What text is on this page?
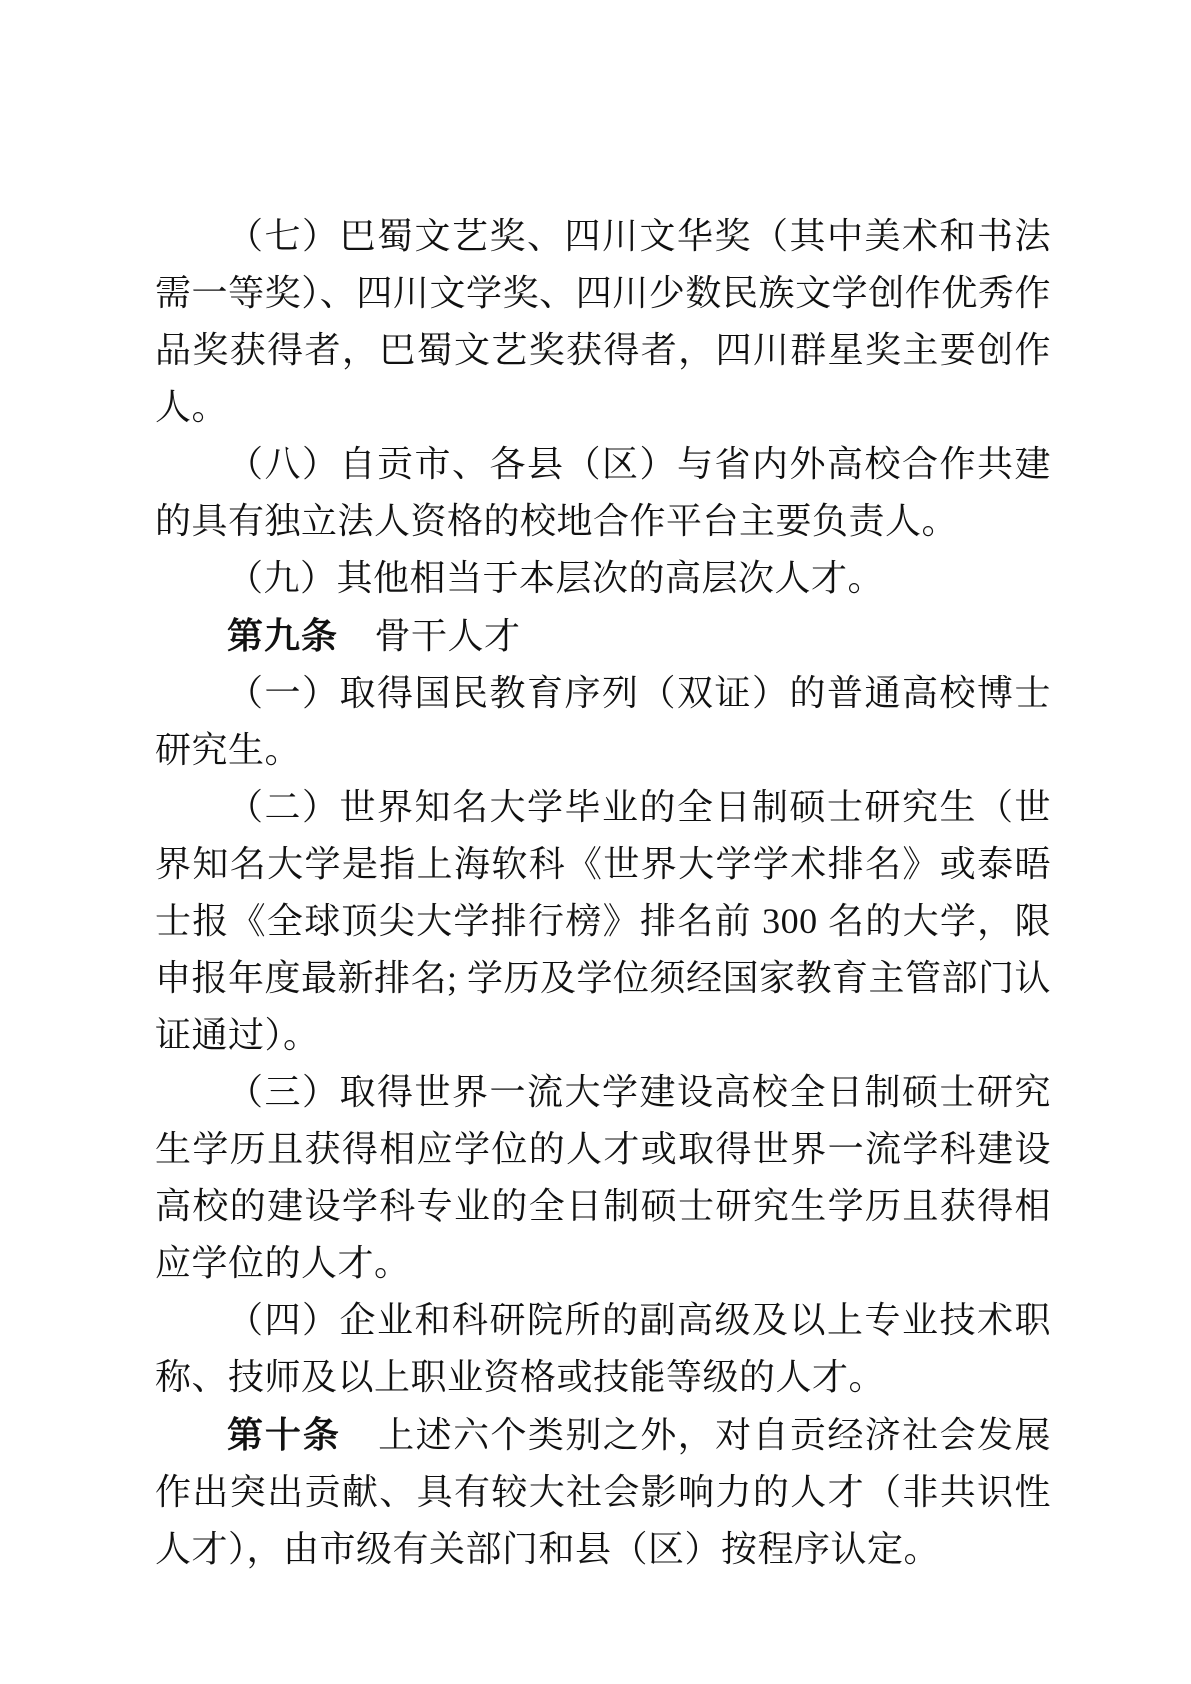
（七）巴蜀文艺奖、四川文华奖（其中美术和书法需一等奖）、四川文学奖、四川少数民族文学创作优秀作品奖获得者，巴蜀文艺奖获得者，四川群星奖主要创作人。

（八）自贡市、各县（区）与省内外高校合作共建的具有独立法人资格的校地合作平台主要负责人。

（九）其他相当于本层次的高层次人才。

第九条　骨干人才

（一）取得国民教育序列（双证）的普通高校博士研究生。

（二）世界知名大学毕业的全日制硕士研究生（世界知名大学是指上海软科《世界大学学术排名》或泰晤士报《全球顶尖大学排行榜》排名前 300 名的大学，限申报年度最新排名; 学历及学位须经国家教育主管部门认证通过）。

（三）取得世界一流大学建设高校全日制硕士研究生学历且获得相应学位的人才或取得世界一流学科建设高校的建设学科专业的全日制硕士研究生学历且获得相应学位的人才。

（四）企业和科研院所的副高级及以上专业技术职称、技师及以上职业资格或技能等级的人才。

第十条　上述六个类别之外，对自贡经济社会发展作出突出贡献、具有较大社会影响力的人才（非共识性人才），由市级有关部门和县（区）按程序认定。
